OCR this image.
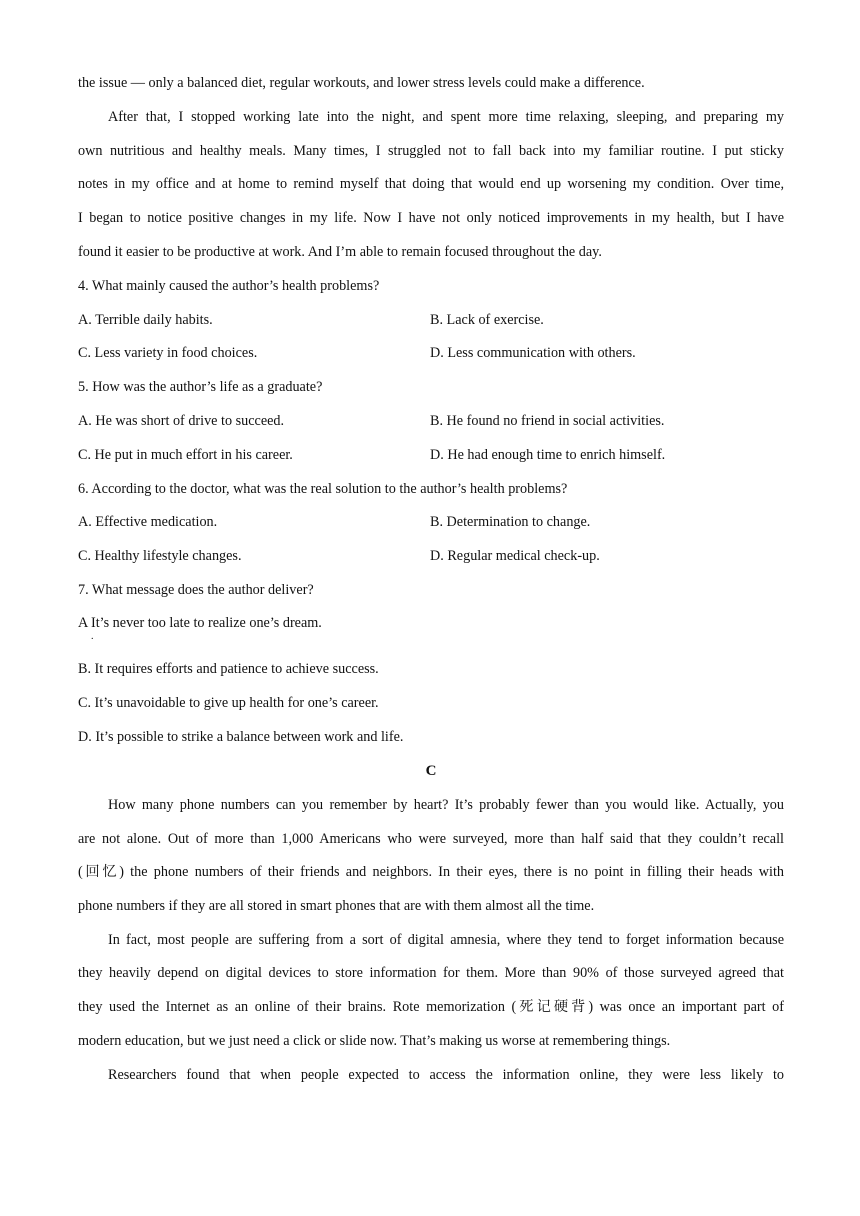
the issue — only a balanced diet, regular workouts, and lower stress levels could make a difference.
After that, I stopped working late into the night, and spent more time relaxing, sleeping, and preparing my
own nutritious and healthy meals. Many times, I struggled not to fall back into my familiar routine. I put sticky
notes in my office and at home to remind myself that doing that would end up worsening my condition. Over time,
I began to notice positive changes in my life. Now I have not only noticed improvements in my health, but I have
found it easier to be productive at work. And I’m able to remain focused throughout the day.
4. What mainly caused the author’s health problems?
A. Terrible daily habits.	B. Lack of exercise.
C. Less variety in food choices.	D. Less communication with others.
5. How was the author’s life as a graduate?
A. He was short of drive to succeed.	B. He found no friend in social activities.
C. He put in much effort in his career.	D. He had enough time to enrich himself.
6. According to the doctor, what was the real solution to the author’s health problems?
A. Effective medication.	B. Determination to change.
C. Healthy lifestyle changes.	D. Regular medical check-up.
7. What message does the author deliver?
A It’s never too late to realize one’s dream.
.
B. It requires efforts and patience to achieve success.
C. It’s unavoidable to give up health for one’s career.
D. It’s possible to strike a balance between work and life.
C
How many phone numbers can you remember by heart? It’s probably fewer than you would like. Actually, you
are not alone. Out of more than 1,000 Americans who were surveyed, more than half said that they couldn’t recall
(回忆) the phone numbers of their friends and neighbors. In their eyes, there is no point in filling their heads with
phone numbers if they are all stored in smart phones that are with them almost all the time.
In fact, most people are suffering from a sort of digital amnesia, where they tend to forget information because
they heavily depend on digital devices to store information for them. More than 90% of those surveyed agreed that
they used the Internet as an online of their brains. Rote memorization (死记硬背) was once an important part of
modern education, but we just need a click or slide now. That’s making us worse at remembering things.
Researchers found that when people expected to access the information online, they were less likely to
